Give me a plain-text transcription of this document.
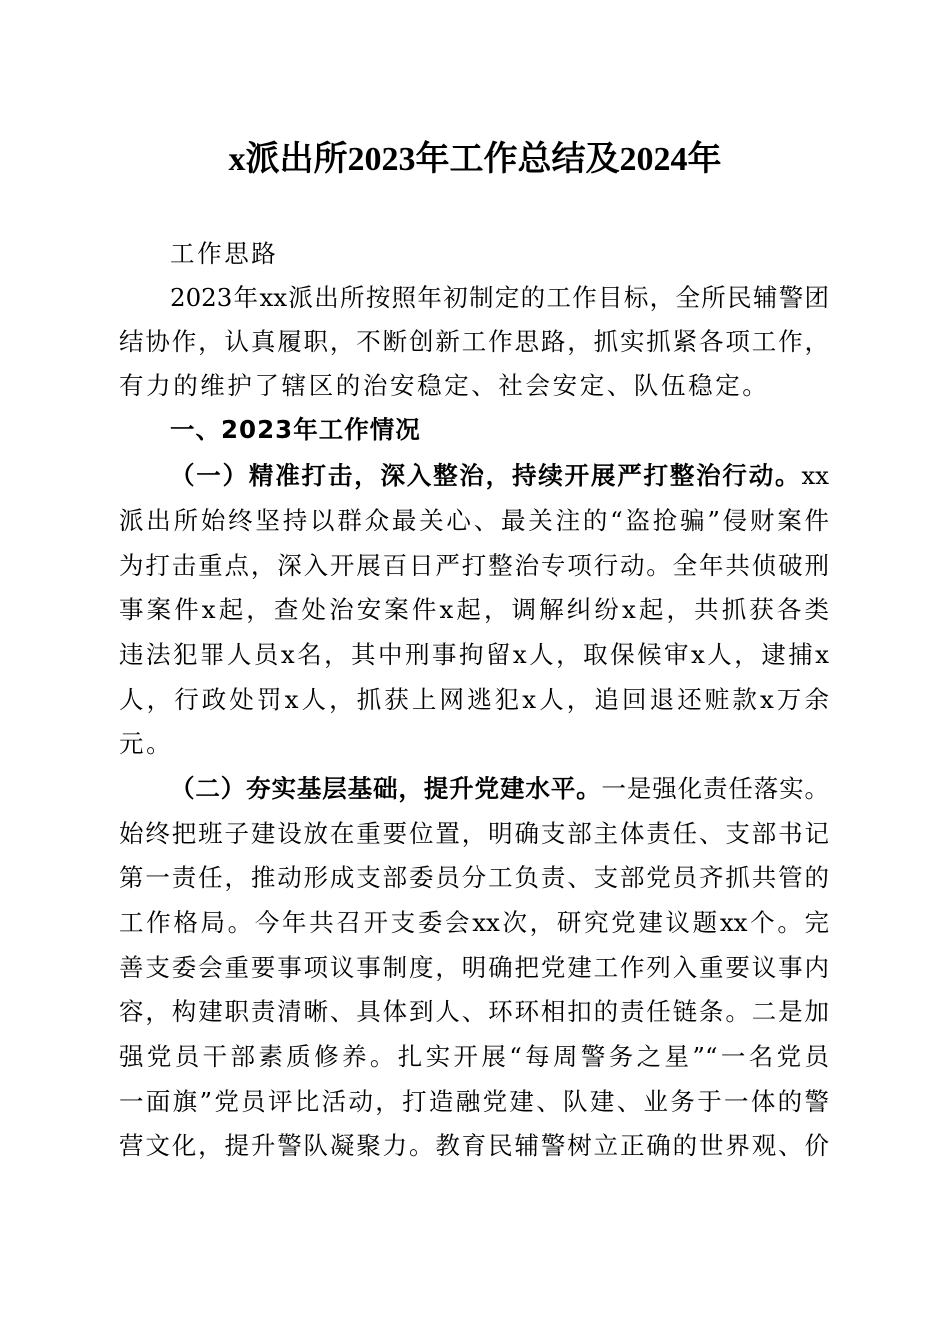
x派出所2023年工作总结及2024年
工作思路
2023年xx派出所按照年初制定的工作目标，全所民辅警团
结协作，认真履职，不断创新工作思路，抓实抓紧各项工作，
有力的维护了辖区的治安稳定、社会安定、队伍稳定。
一、2023年工作情况
（一）精准打击，深入整治，持续开展严打整治行动。xx
派出所始终坚持以群众最关心、最关注的“盗抢骗”侵财案件
为打击重点，深入开展百日严打整治专项行动。全年共侦破刑
事案件x起，查处治安案件x起，调解纠纷x起，共抓获各类
违法犯罪人员x名，其中刑事拘留x人，取保候审x人，逮捕x
人，行政处罚x人，抓获上网逃犯x人，追回退还赃款x万余
元。
（二）夯实基层基础，提升党建水平。一是强化责任落实。
始终把班子建设放在重要位置，明确支部主体责任、支部书记
第一责任，推动形成支部委员分工负责、支部党员齐抓共管的
工作格局。今年共召开支委会xx次，研究党建议题xx个。完
善支委会重要事项议事制度，明确把党建工作列入重要议事内
容，构建职责清晰、具体到人、环环相扣的责任链条。二是加
强党员干部素质修养。扎实开展“每周警务之星”“一名党员
一面旗”党员评比活动，打造融党建、队建、业务于一体的警
营文化，提升警队凝聚力。教育民辅警树立正确的世界观、价
